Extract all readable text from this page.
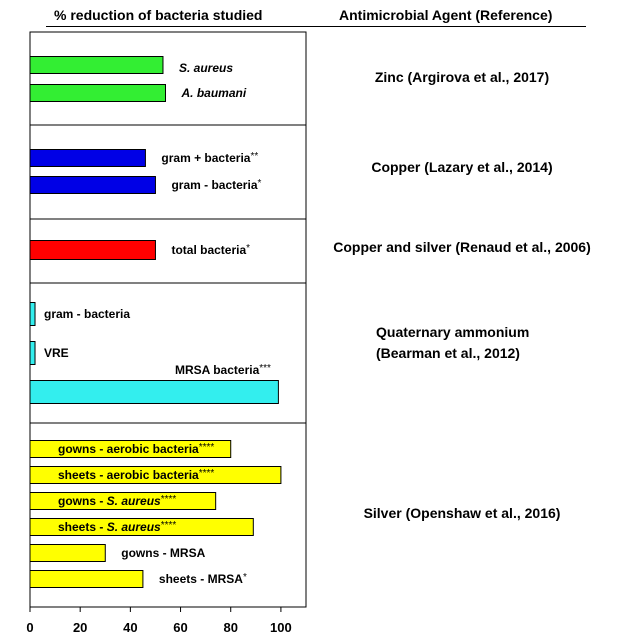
% reduction of bacteria studied	Antimicrobial Agent (Reference)
S. aureus
A. baumani
Zinc (Argirova et al., 2017)
gram + bacteria**
gram - bacteria*
Copper (Lazary et al., 2014)
total bacteria*	Copper and silver (Renaud et al., 2006)
gram - bacteria
VRE
MRSA bacteria***
Quaternary ammonium
(Bearman et al., 2012)
gowns - aerobic bacteria****
sheets - aerobic bacteria****
gowns - S. aureus****
sheets - S. aureus****
gowns - MRSA
sheets - MRSA*
Silver (Openshaw et al., 2016)
0	20	40	60	80 100
